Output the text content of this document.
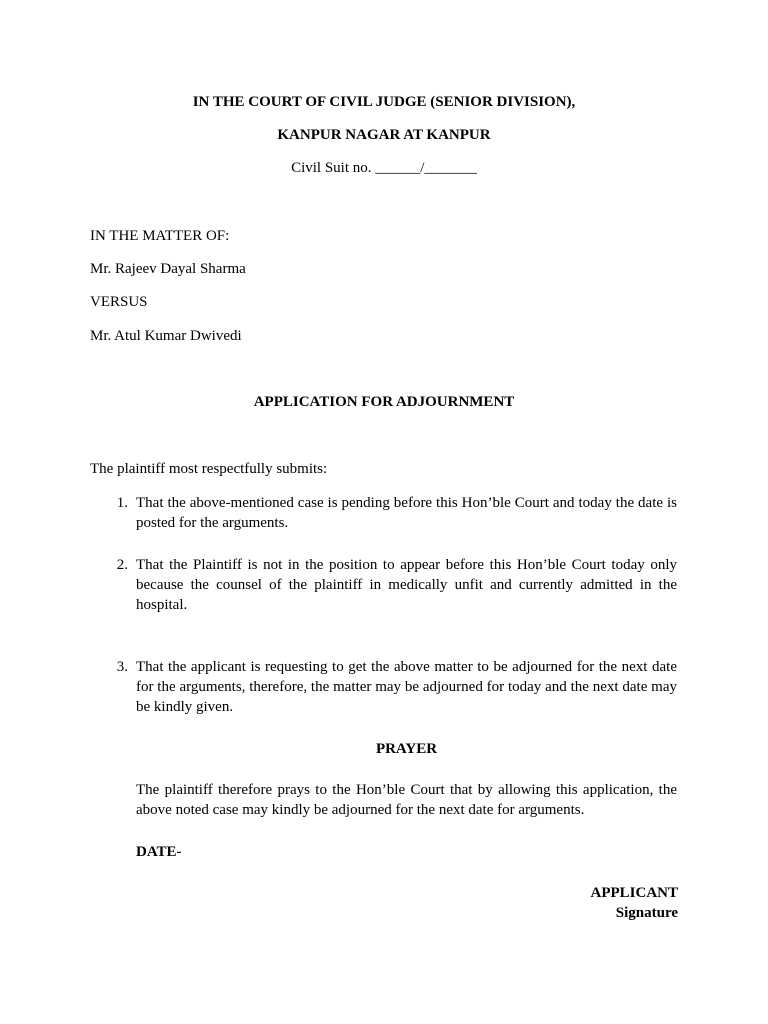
IN THE COURT OF CIVIL JUDGE (SENIOR DIVISION),

KANPUR NAGAR AT KANPUR

Civil Suit no. ______/_______

IN THE MATTER OF:

Mr. Rajeev Dayal Sharma

VERSUS

Mr. Atul Kumar Dwivedi

APPLICATION FOR ADJOURNMENT

The plaintiff most respectfully submits:

1. That the above-mentioned case is pending before this Hon’ble Court and today the date is posted for the arguments.
2. That the Plaintiff is not in the position to appear before this Hon’ble Court today only because the counsel of the plaintiff in medically unfit and currently admitted in the hospital.
3. That the applicant is requesting to get the above matter to be adjourned for the next date for the arguments, therefore, the matter may be adjourned for today and the next date may be kindly given.

PRAYER

The plaintiff therefore prays to the Hon’ble Court that by allowing this application, the above noted case may kindly be adjourned for the next date for arguments.

DATE-

APPLICANT

Signature
